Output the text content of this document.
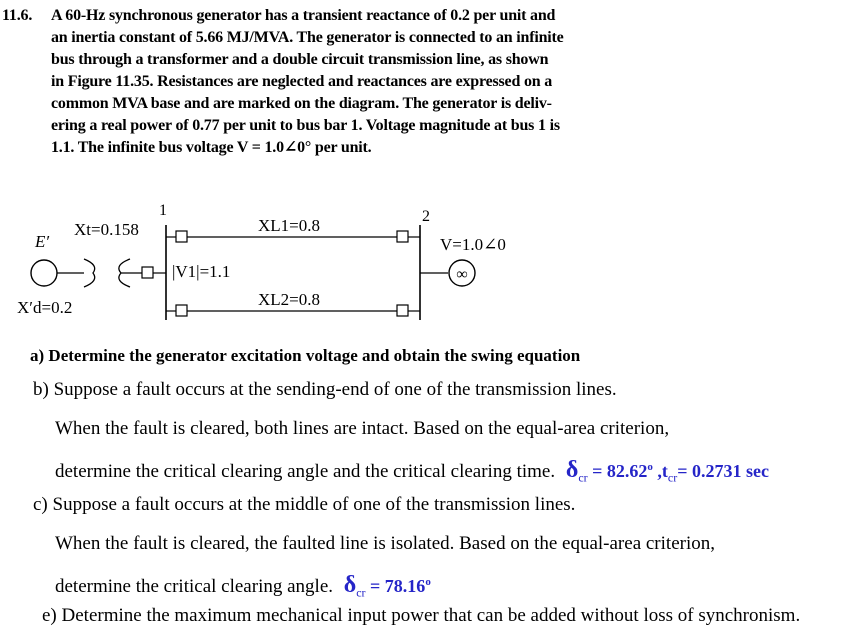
11.6. A 60-Hz synchronous generator has a transient reactance of 0.2 per unit and
an inertia constant of 5.66 MJ/MVA. The generator is connected to an infinite
bus through a transformer and a double circuit transmission line, as shown
in Figure 11.35. Resistances are neglected and reactances are expressed on a
common MVA base and are marked on the diagram. The generator is deliv-
ering a real power of 0.77 per unit to bus bar 1. Voltage magnitude at bus 1 is
1.1. The infinite bus voltage V = 1.0∠0° per unit.
∞
1	2
E′
Xt=0.158	XL1=0.8
XL2=0.8
|V1|=1.1
X′d=0.2
V=1.0∠0
a) Determine the generator excitation voltage and obtain the swing equation
b) Suppose a fault occurs at the sending-end of one of the transmission lines.
When the fault is cleared, both lines are intact. Based on the equal-area criterion,
determine the critical clearing angle and the critical clearing time. $\delta_{cr} = 82.62^o$ $,t_{cr}= 0.2731$ sec
c) Suppose a fault occurs at the middle of one of the transmission lines.
When the fault is cleared, the faulted line is isolated. Based on the equal-area criterion,
determine the critical clearing angle. $\delta_{cr} = 78.16^o$
e) Determine the maximum mechanical input power that can be added without loss of synchronism.
